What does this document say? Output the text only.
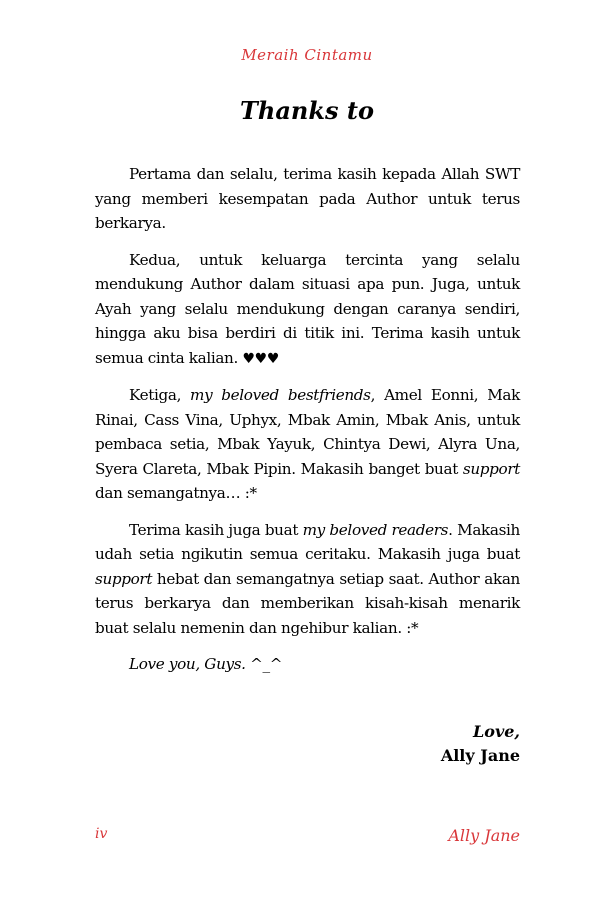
Meraih Cintamu
Thanks to

Pertama dan selalu, terima kasih kepada Allah SWT yang memberi kesempatan pada Author untuk terus berkarya.

Kedua, untuk keluarga tercinta yang selalu mendukung Author dalam situasi apa pun. Juga, untuk Ayah yang selalu mendukung dengan caranya sendiri, hingga aku bisa berdiri di titik ini. Terima kasih untuk semua cinta kalian. ♥♥♥

Ketiga, my beloved bestfriends, Amel Eonni, Mak Rinai, Cass Vina, Uphyx, Mbak Amin, Mbak Anis, untuk pembaca setia, Mbak Yayuk, Chintya Dewi, Alyra Una, Syera Clareta, Mbak Pipin. Makasih banget buat support dan semangatnya… :*

Terima kasih juga buat my beloved readers. Makasih udah setia ngikutin semua ceritaku. Makasih juga buat support hebat dan semangatnya setiap saat. Author akan terus berkarya dan memberikan kisah-kisah menarik buat selalu nemenin dan ngehibur kalian. :*

Love you, Guys. ^_^

Love,
Ally Jane
iv	Ally Jane
